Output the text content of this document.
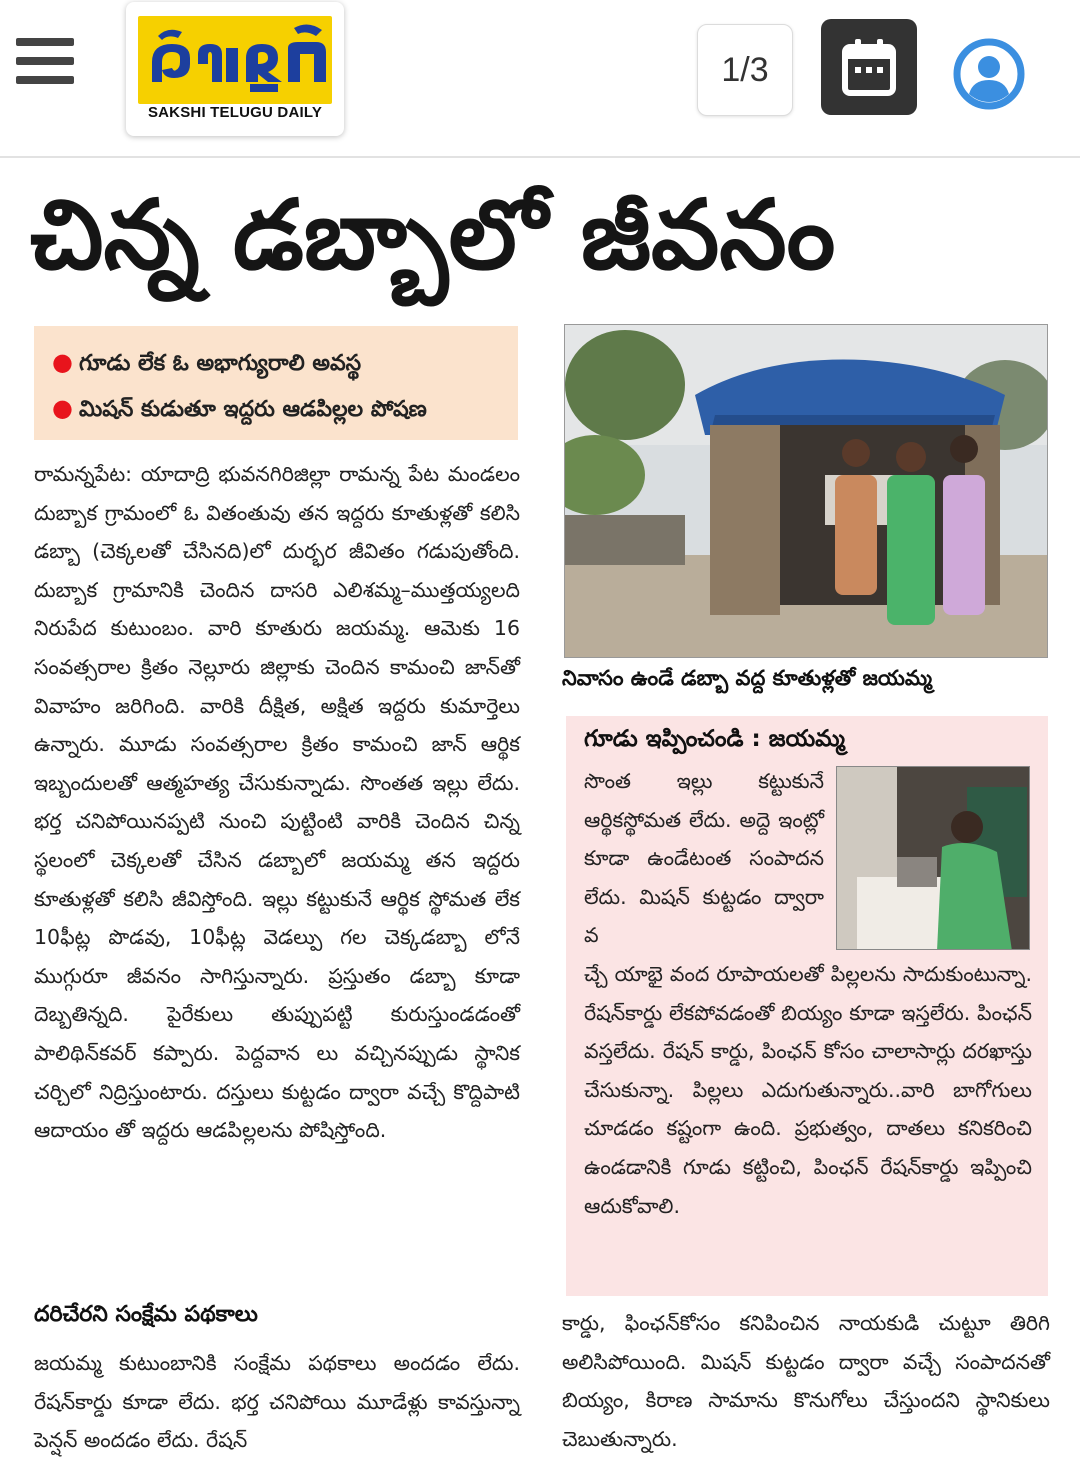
SAKSHI TELUGU DAILY
1/3
చిన్న డబ్బాలో జీవనం
● గూడు లేక ఓ అభాగ్యురాలి అవస్థ
● మిషన్ కుడుతూ ఇద్దరు ఆడపిల్లల పోషణ
రామన్నపేట: యాదాద్రి భువనగిరిజిల్లా రామన్న పేట మండలం దుబ్బాక గ్రామంలో ఓ వితంతువు తన ఇద్దరు కూతుళ్లతో కలిసి డబ్బా (చెక్కలతో చేసినది)లో దుర్భర జీవితం గడుపుతోంది. దుబ్బాక గ్రామానికి చెందిన దాసరి ఎలిశమ్మ–ముత్తయ్యలది నిరుపేద కుటుంబం. వారి కూతురు జయమ్మ. ఆమెకు 16 సంవత్సరాల క్రితం నెల్లూరు జిల్లాకు చెందిన కామంచి జాన్‌తో వివాహం జరిగింది. వారికి దీక్షిత, అక్షిత ఇద్దరు కుమార్తెలు ఉన్నారు. మూడు సంవత్సరాల క్రితం కామంచి జాన్ ఆర్థిక ఇబ్బందులతో ఆత్మహత్య చేసుకున్నాడు. సొంతత ఇల్లు లేదు. భర్త చనిపోయినప్పటి నుంచి పుట్టింటి వారికి చెందిన చిన్న స్థలంలో చెక్కలతో చేసిన డబ్బాలో జయమ్మ తన ఇద్దరు కూతుళ్లతో కలిసి జీవిస్తోంది. ఇల్లు కట్టుకునే ఆర్థిక స్థోమత లేక 10ఫీట్ల పొడవు, 10ఫీట్ల వెడల్పు గల చెక్కడబ్బా లోనే ముగ్గురూ జీవనం సాగిస్తున్నారు. ప్రస్తుతం డబ్బా కూడా దెబ్బతిన్నది. పైరేకులు తుప్పుపట్టి కురుస్తుండడంతో పాలిథిన్‌కవర్ కప్పారు. పెద్దవాన లు వచ్చినప్పుడు స్థానిక చర్చిలో నిద్రిస్తుంటారు. దస్తులు కుట్టడం ద్వారా వచ్చే కొద్దిపాటి ఆదాయం తో ఇద్దరు ఆడపిల్లలను పోషిస్తోంది.
దరిచేరని సంక్షేమ పథకాలు
జయమ్మ కుటుంబానికి సంక్షేమ పథకాలు అందడం లేదు. రేషన్‌కార్డు కూడా లేదు. భర్త చనిపోయి మూడేళ్లు కావస్తున్నా పెన్షన్ అందడం లేదు. రేషన్
నివాసం ఉండే డబ్బా వద్ద కూతుళ్లతో జయమ్మ
గూడు ఇప్పించండి : జయమ్మ
సొంత ఇల్లు కట్టుకునే ఆర్థికస్థోమత లేదు. అద్దె ఇంట్లో కూడా ఉండేటంత సంపాదన లేదు. మిషన్ కుట్టడం ద్వారా వ
చ్చే యాభై వంద రూపాయలతో పిల్లలను సాదుకుంటున్నా. రేషన్‌కార్డు లేకపోవడంతో బియ్యం కూడా ఇస్తలేరు. పింఛన్ వస్తలేదు. రేషన్ కార్డు, పింఛన్ కోసం చాలాసార్లు దరఖాస్తు చేసుకున్నా. పిల్లలు ఎదుగుతున్నారు..వారి బాగోగులు చూడడం కష్టంగా ఉంది. ప్రభుత్వం, దాతలు కనికరించి ఉండడానికి గూడు కట్టించి, పింఛన్ రేషన్‌కార్డు ఇప్పించి ఆదుకోవాలి.
కార్డు, ఫింఛన్‌కోసం కనిపించిన నాయకుడి చుట్టూ తిరిగి అలిసిపోయింది. మిషన్ కుట్టడం ద్వారా వచ్చే సంపాదనతో బియ్యం, కిరాణ సామాను కొనుగోలు చేస్తుందని స్థానికులు చెబుతున్నారు.
